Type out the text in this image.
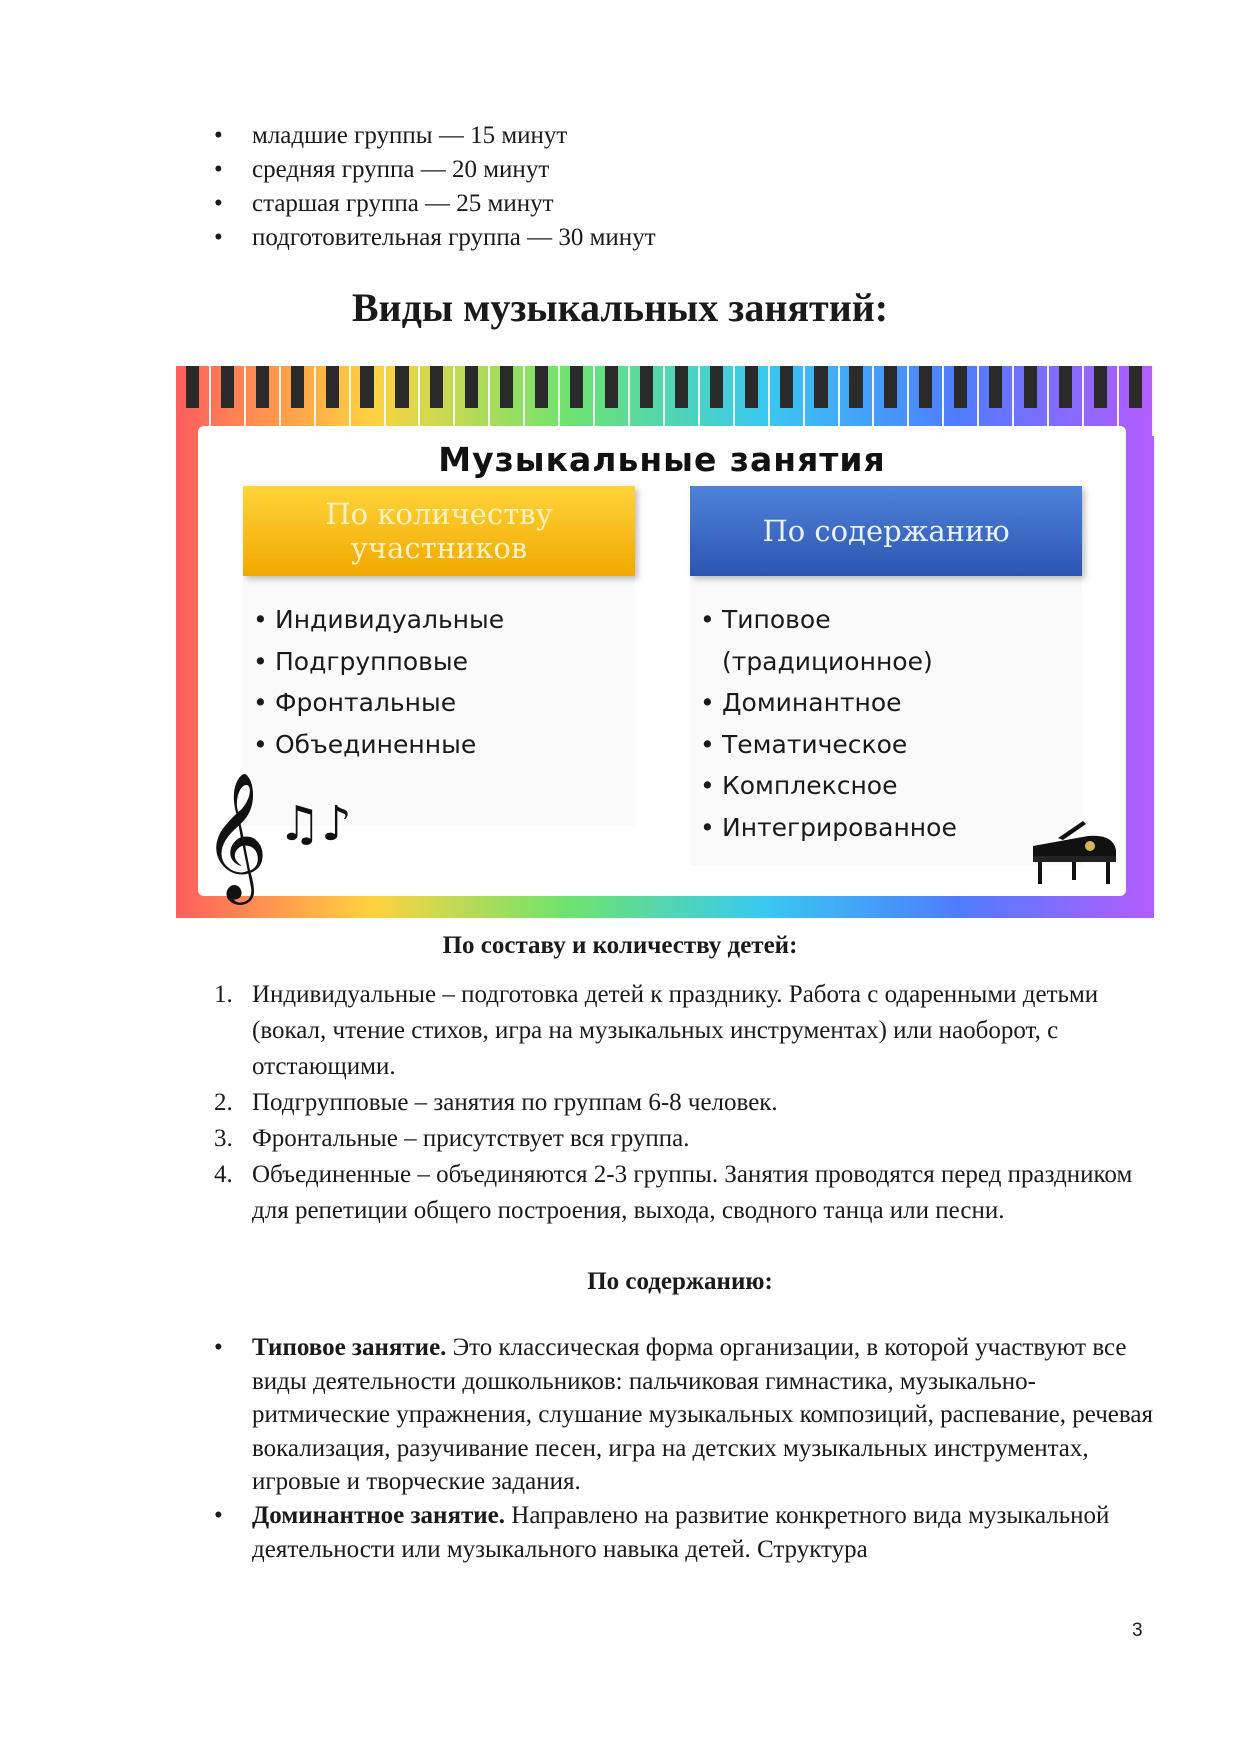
• младшие группы — 15 минут
• средняя группа — 20 минут
• старшая группа — 25 минут
• подготовительная группа — 30 минут
Виды музыкальных занятий:
Музыкальные занятия
По количеству участников	По содержанию
• Индивидуальные
• Подгрупповые
• Фронтальные
• Объединенные
• Типовое (традиционное)
• Доминантное
• Тематическое
• Комплексное
• Интегрированное
𝄞 ♫♪
По составу и количеству детей:
1. Индивидуальные – подготовка детей к празднику. Работа с одаренными детьми (вокал, чтение стихов, игра на музыкальных инструментах) или наоборот, с отстающими.
2. Подгрупповые – занятия по группам 6-8 человек.
3. Фронтальные – присутствует вся группа.
4. Объединенные – объединяются 2-3 группы. Занятия проводятся перед праздником для репетиции общего построения, выхода, сводного танца или песни.
По содержанию:
• Типовое занятие. Это классическая форма организации, в которой участвуют все виды деятельности дошкольников: пальчиковая гимнастика, музыкально-ритмические упражнения, слушание музыкальных композиций, распевание, речевая вокализация, разучивание песен, игра на детских музыкальных инструментах, игровые и творческие задания.
• Доминантное занятие. Направлено на развитие конкретного вида музыкальной деятельности или музыкального навыка детей. Структура
3
